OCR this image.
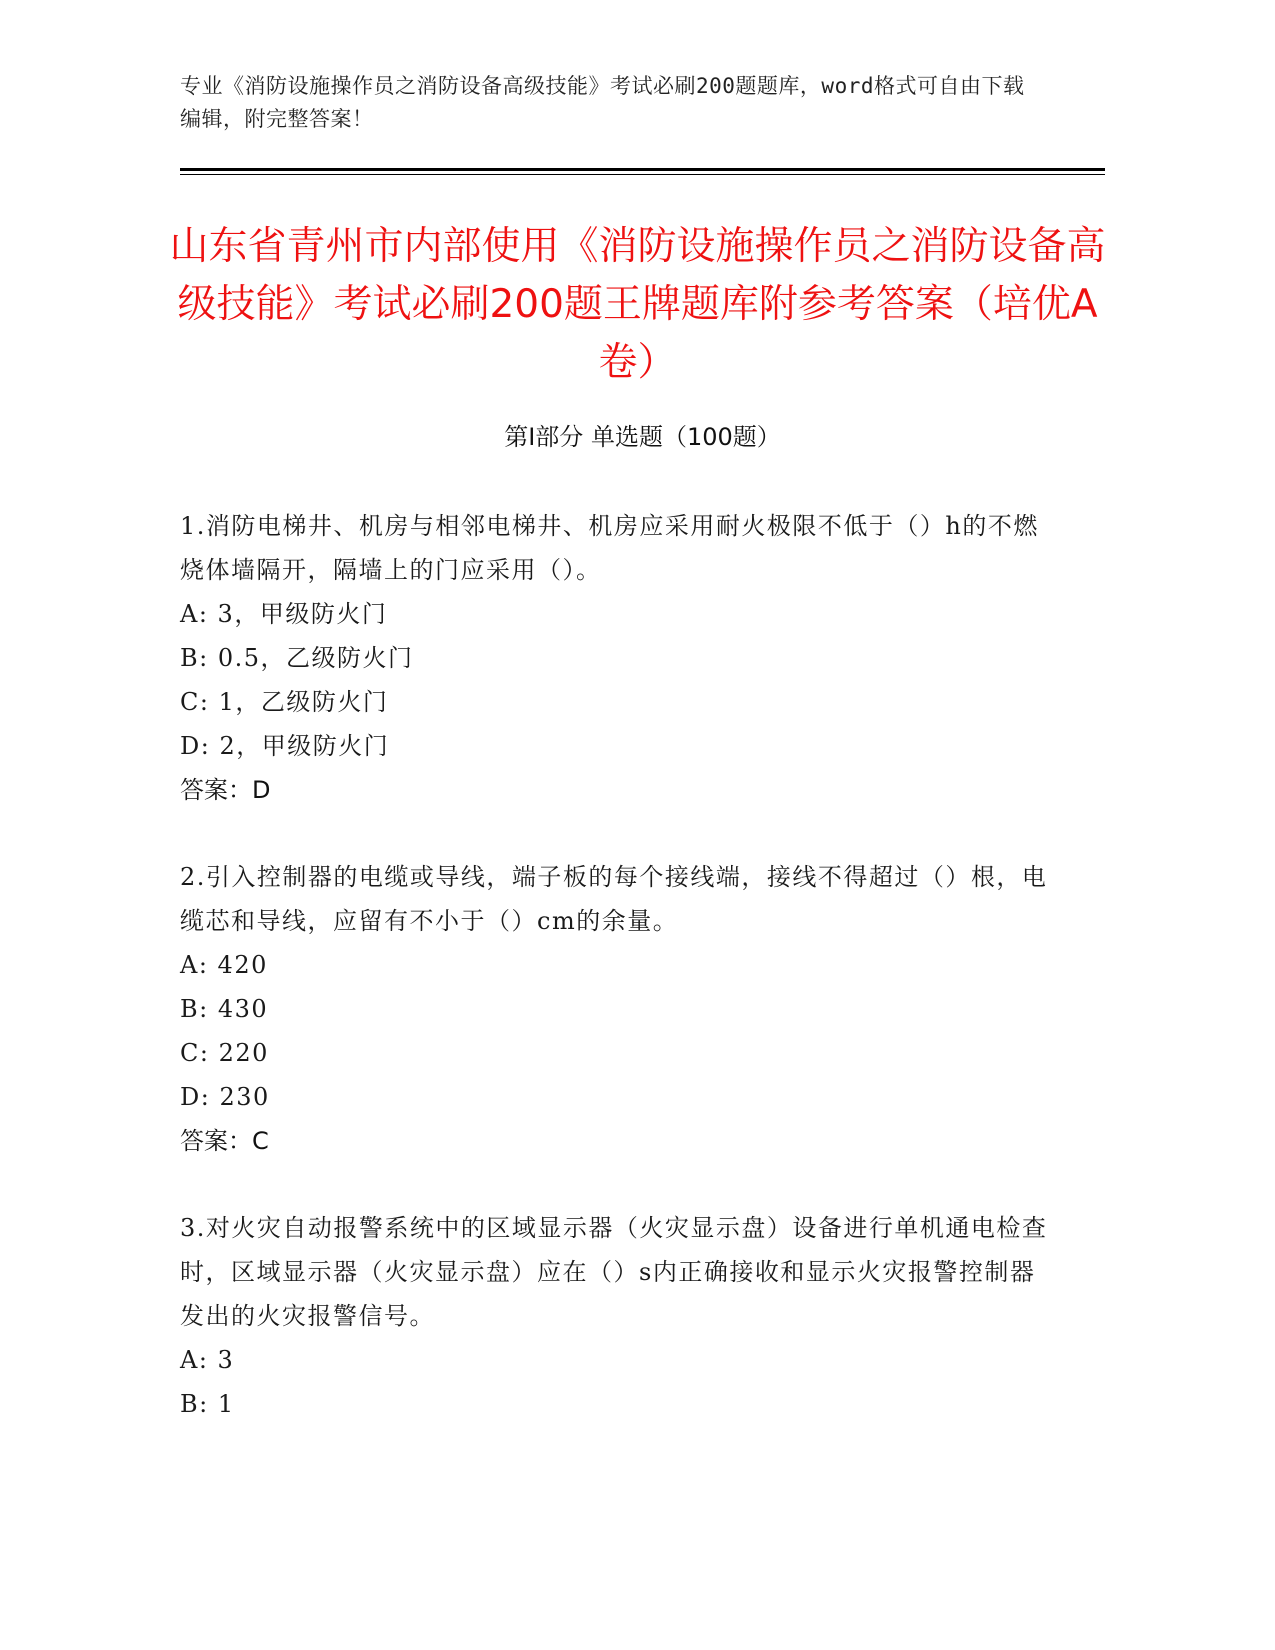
专业《消防设施操作员之消防设备高级技能》考试必刷200题题库，word格式可自由下载编辑，附完整答案！
山东省青州市内部使用《消防设施操作员之消防设备高级技能》考试必刷200题王牌题库附参考答案（培优A卷）
第I部分 单选题（100题）
1.消防电梯井、机房与相邻电梯井、机房应采用耐火极限不低于（）h的不燃烧体墙隔开，隔墙上的门应采用（）。
A: 3，甲级防火门
B: 0.5，乙级防火门
C: 1，乙级防火门
D: 2，甲级防火门
答案：D
2.引入控制器的电缆或导线，端子板的每个接线端，接线不得超过（）根，电缆芯和导线，应留有不小于（）cm的余量。
A: 420
B: 430
C: 220
D: 230
答案：C
3.对火灾自动报警系统中的区域显示器（火灾显示盘）设备进行单机通电检查时，区域显示器（火灾显示盘）应在（）s内正确接收和显示火灾报警控制器发出的火灾报警信号。
A: 3
B: 1
